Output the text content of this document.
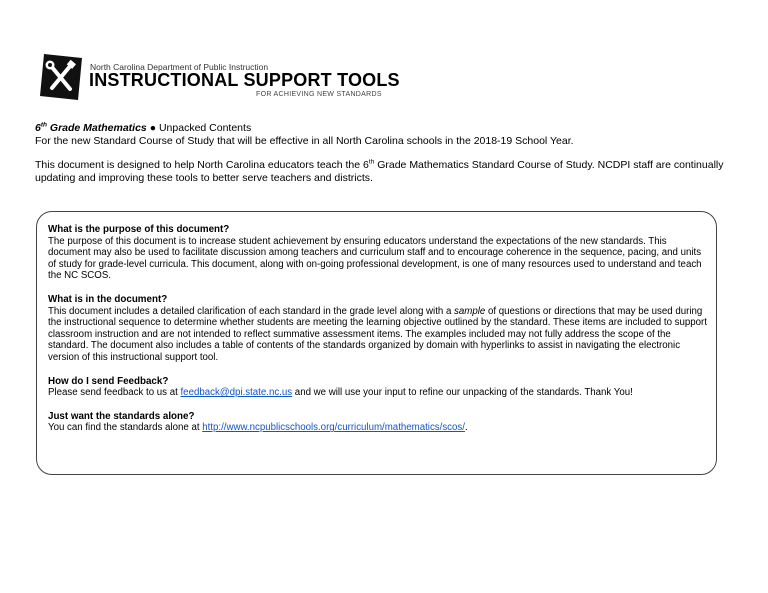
North Carolina Department of Public Instruction
INSTRUCTIONAL SUPPORT TOOLS
FOR ACHIEVING NEW STANDARDS

6th Grade Mathematics ● Unpacked Contents

For the new Standard Course of Study that will be effective in all North Carolina schools in the 2018-19 School Year.

This document is designed to help North Carolina educators teach the 6th Grade Mathematics Standard Course of Study. NCDPI staff are continually updating and improving these tools to better serve teachers and districts.

What is the purpose of this document?

The purpose of this document is to increase student achievement by ensuring educators understand the expectations of the new standards. This document may also be used to facilitate discussion among teachers and curriculum staff and to encourage coherence in the sequence, pacing, and units of study for grade-level curricula. This document, along with on-going professional development, is one of many resources used to understand and teach the NC SCOS.

What is in the document?

This document includes a detailed clarification of each standard in the grade level along with a sample of questions or directions that may be used during the instructional sequence to determine whether students are meeting the learning objective outlined by the standard. These items are included to support classroom instruction and are not intended to reflect summative assessment items. The examples included may not fully address the scope of the standard. The document also includes a table of contents of the standards organized by domain with hyperlinks to assist in navigating the electronic version of this instructional support tool.

How do I send Feedback?

Please send feedback to us at feedback@dpi.state.nc.us and we will use your input to refine our unpacking of the standards. Thank You!

Just want the standards alone?

You can find the standards alone at http://www.ncpublicschools.org/curriculum/mathematics/scos/.
